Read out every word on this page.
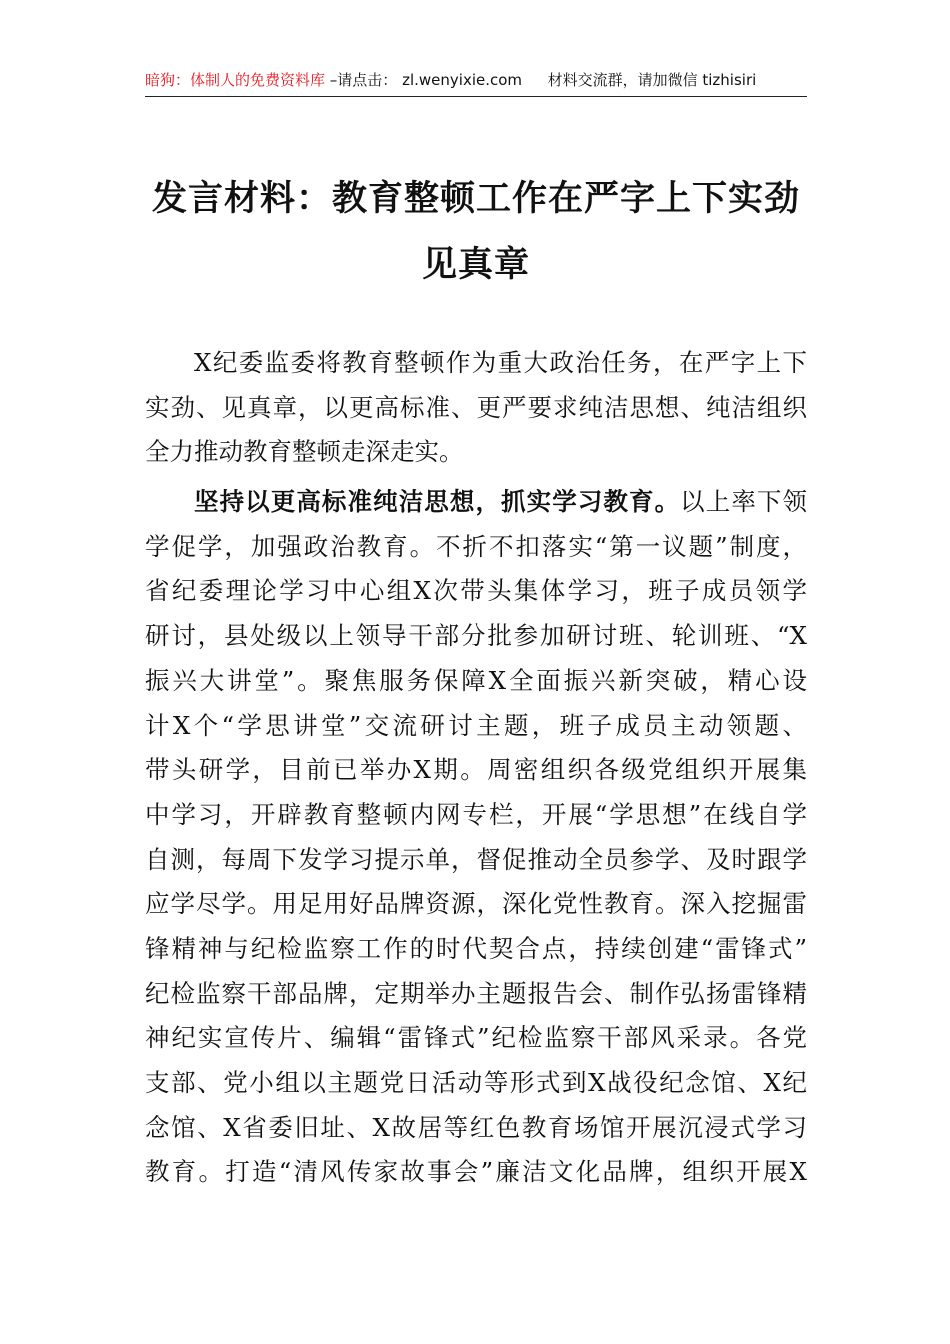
暗狗：体制人的免费资料库 –请点击： zl.wenyixie.com 材料交流群，请加微信 tizhisiri
发言材料：教育整顿工作在严字上下实劲
见真章
X纪委监委将教育整顿作为重大政治任务，在严字上下
实劲、见真章，以更高标准、更严要求纯洁思想、纯洁组织
全力推动教育整顿走深走实。
坚持以更高标准纯洁思想，抓实学习教育。以上率下领
学促学，加强政治教育。不折不扣落实“第一议题”制度，
省纪委理论学习中心组X次带头集体学习，班子成员领学
研讨，县处级以上领导干部分批参加研讨班、轮训班、“X
振兴大讲堂”。聚焦服务保障X全面振兴新突破，精心设
计X个“学思讲堂”交流研讨主题，班子成员主动领题、
带头研学，目前已举办X期。周密组织各级党组织开展集
中学习，开辟教育整顿内网专栏，开展“学思想”在线自学
自测，每周下发学习提示单，督促推动全员参学、及时跟学
应学尽学。用足用好品牌资源，深化党性教育。深入挖掘雷
锋精神与纪检监察工作的时代契合点，持续创建“雷锋式”
纪检监察干部品牌，定期举办主题报告会、制作弘扬雷锋精
神纪实宣传片、编辑“雷锋式”纪检监察干部风采录。各党
支部、党小组以主题党日活动等形式到X战役纪念馆、X纪
念馆、X省委旧址、X故居等红色教育场馆开展沉浸式学习
教育。打造“清风传家故事会”廉洁文化品牌，组织开展X
